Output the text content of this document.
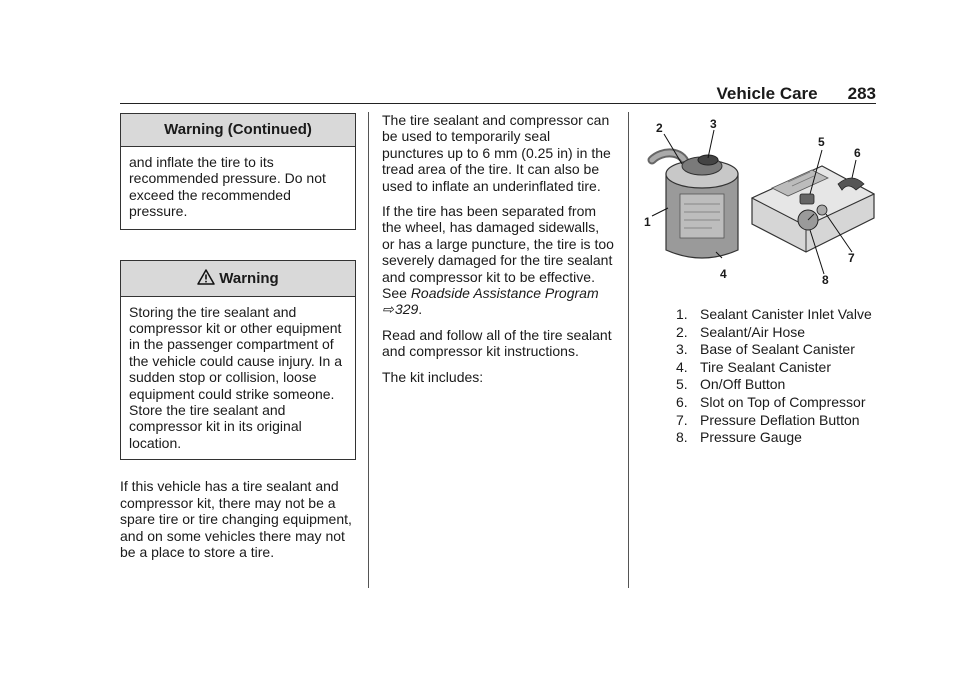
Vehicle Care 283
Warning (Continued)
and inflate the tire to its recommended pressure. Do not exceed the recommended pressure.
Warning
Storing the tire sealant and compressor kit or other equipment in the passenger compartment of the vehicle could cause injury. In a sudden stop or collision, loose equipment could strike someone. Store the tire sealant and compressor kit in its original location.

If this vehicle has a tire sealant and compressor kit, there may not be a spare tire or tire changing equipment, and on some vehicles there may not be a place to store a tire.

The tire sealant and compressor can be used to temporarily seal punctures up to 6 mm (0.25 in) in the tread area of the tire. It can also be used to inflate an underinflated tire.

If the tire has been separated from the wheel, has damaged sidewalls, or has a large puncture, the tire is too severely damaged for the tire sealant and compressor kit to be effective. See Roadside Assistance Program ⇨ 329.

Read and follow all of the tire sealant and compressor kit instructions.

The kit includes:

1
2	3
4
5
6
7
8
1. Sealant Canister Inlet Valve
2. Sealant/Air Hose
3. Base of Sealant Canister
4. Tire Sealant Canister
5. On/Off Button
6. Slot on Top of Compressor
7. Pressure Deflation Button
8. Pressure Gauge
